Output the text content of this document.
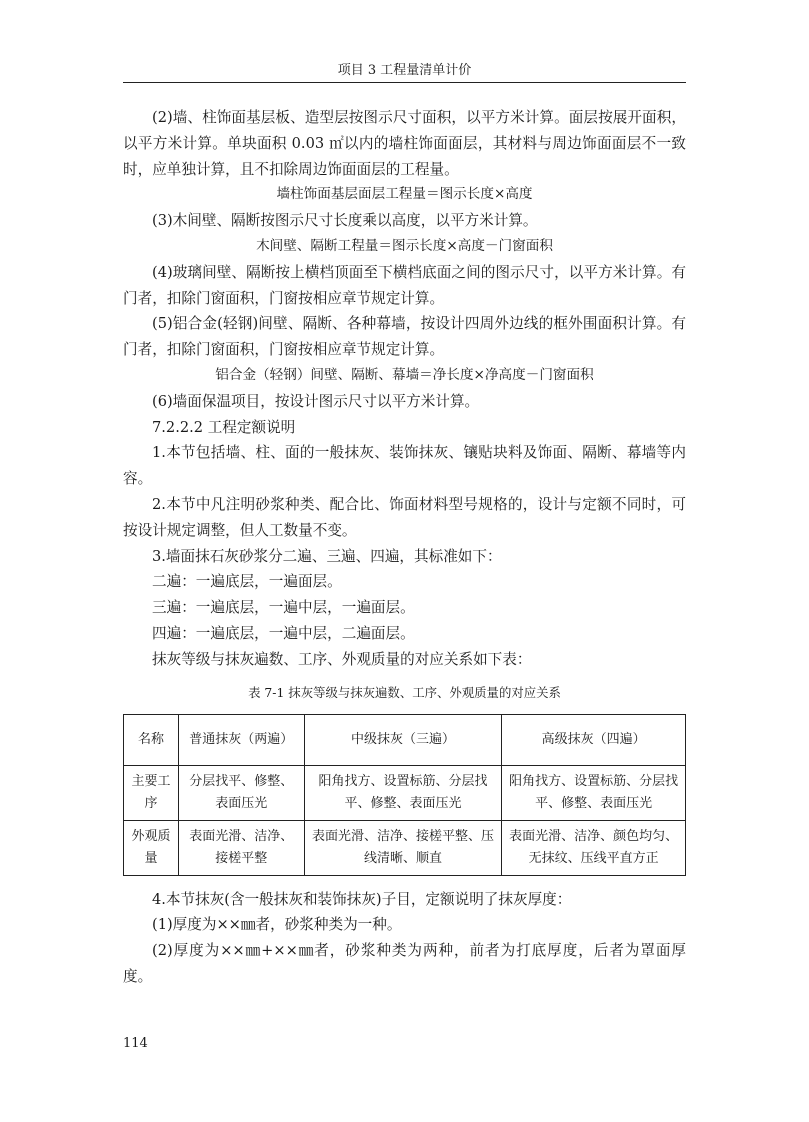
项目 3 工程量清单计价

(2)墙、柱饰面基层板、造型层按图示尺寸面积，以平方米计算。面层按展开面积，以平方米计算。单块面积 0.03 ㎡以内的墙柱饰面面层，其材料与周边饰面面层不一致时，应单独计算，且不扣除周边饰面面层的工程量。

墙柱饰面基层面层工程量＝图示长度×高度

(3)木间壁、隔断按图示尺寸长度乘以高度，以平方米计算。

木间壁、隔断工程量＝图示长度×高度－门窗面积

(4)玻璃间壁、隔断按上横档顶面至下横档底面之间的图示尺寸，以平方米计算。有门者，扣除门窗面积，门窗按相应章节规定计算。

(5)铝合金(轻钢)间壁、隔断、各种幕墙，按设计四周外边线的框外围面积计算。有门者，扣除门窗面积，门窗按相应章节规定计算。

铝合金（轻钢）间壁、隔断、幕墙＝净长度×净高度－门窗面积

(6)墙面保温项目，按设计图示尺寸以平方米计算。

7.2.2.2 工程定额说明

1.本节包括墙、柱、面的一般抹灰、装饰抹灰、镶贴块料及饰面、隔断、幕墙等内容。

2.本节中凡注明砂浆种类、配合比、饰面材料型号规格的，设计与定额不同时，可按设计规定调整，但人工数量不变。

3.墙面抹石灰砂浆分二遍、三遍、四遍，其标准如下：

二遍：一遍底层，一遍面层。

三遍：一遍底层，一遍中层，一遍面层。

四遍：一遍底层，一遍中层，二遍面层。

抹灰等级与抹灰遍数、工序、外观质量的对应关系如下表：

表 7-1 抹灰等级与抹灰遍数、工序、外观质量的对应关系

名称	普通抹灰（两遍）	中级抹灰（三遍）	高级抹灰（四遍）
主要工序	分层找平、修整、表面压光	阳角找方、设置标筋、分层找平、修整、表面压光	阳角找方、设置标筋、分层找平、修整、表面压光
外观质量	表面光滑、洁净、接槎平整	表面光滑、洁净、接槎平整、压线清晰、顺直	表面光滑、洁净、颜色均匀、无抹纹、压线平直方正

4.本节抹灰(含一般抹灰和装饰抹灰)子目，定额说明了抹灰厚度：

(1)厚度为××㎜者，砂浆种类为一种。

(2)厚度为××㎜+××㎜者，砂浆种类为两种，前者为打底厚度，后者为罩面厚度。

114
